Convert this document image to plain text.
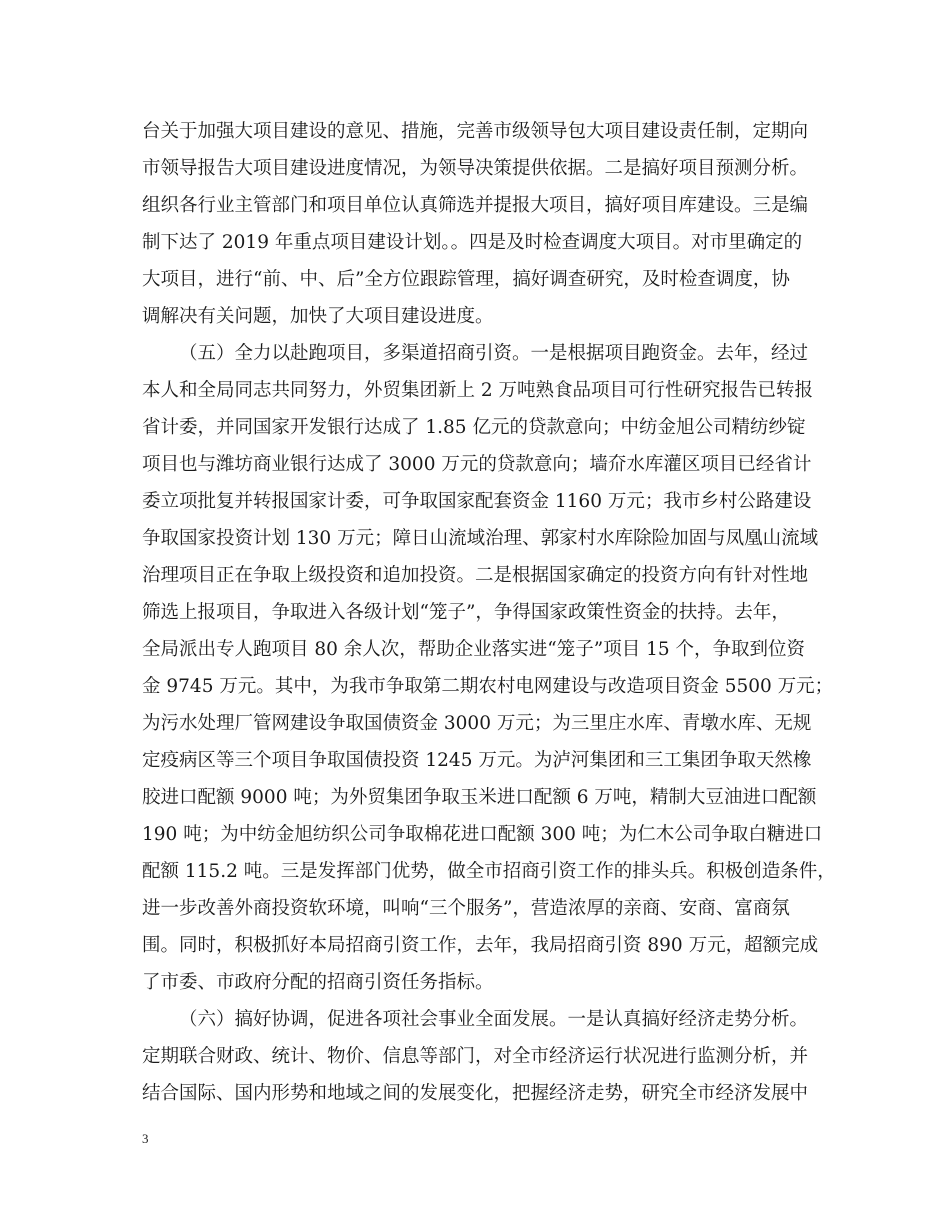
台关于加强大项目建设的意见、措施，完善市级领导包大项目建设责任制，定期向
市领导报告大项目建设进度情况，为领导决策提供依据。二是搞好项目预测分析。
组织各行业主管部门和项目单位认真筛选并提报大项目，搞好项目库建设。三是编
制下达了 2019 年重点项目建设计划。。四是及时检查调度大项目。对市里确定的
大项目，进行“前、中、后”全方位跟踪管理，搞好调查研究，及时检查调度，协
调解决有关问题，加快了大项目建设进度。
（五）全力以赴跑项目，多渠道招商引资。一是根据项目跑资金。去年，经过
本人和全局同志共同努力，外贸集团新上 2 万吨熟食品项目可行性研究报告已转报
省计委，并同国家开发银行达成了 1.85 亿元的贷款意向；中纺金旭公司精纺纱锭
项目也与潍坊商业银行达成了 3000 万元的贷款意向；墙夼水库灌区项目已经省计
委立项批复并转报国家计委，可争取国家配套资金 1160 万元；我市乡村公路建设
争取国家投资计划 130 万元；障日山流域治理、郭家村水库除险加固与凤凰山流域
治理项目正在争取上级投资和追加投资。二是根据国家确定的投资方向有针对性地
筛选上报项目，争取进入各级计划“笼子”，争得国家政策性资金的扶持。去年，
全局派出专人跑项目 80 余人次，帮助企业落实进“笼子”项目 15 个，争取到位资
金 9745 万元。其中，为我市争取第二期农村电网建设与改造项目资金 5500 万元；
为污水处理厂管网建设争取国债资金 3000 万元；为三里庄水库、青墩水库、无规
定疫病区等三个项目争取国债投资 1245 万元。为泸河集团和三工集团争取天然橡
胶进口配额 9000 吨；为外贸集团争取玉米进口配额 6 万吨，精制大豆油进口配额
190 吨；为中纺金旭纺织公司争取棉花进口配额 300 吨；为仁木公司争取白糖进口
配额 115.2 吨。三是发挥部门优势，做全市招商引资工作的排头兵。积极创造条件，
进一步改善外商投资软环境，叫响“三个服务”，营造浓厚的亲商、安商、富商氛
围。同时，积极抓好本局招商引资工作，去年，我局招商引资 890 万元，超额完成
了市委、市政府分配的招商引资任务指标。
（六）搞好协调，促进各项社会事业全面发展。一是认真搞好经济走势分析。
定期联合财政、统计、物价、信息等部门，对全市经济运行状况进行监测分析，并
结合国际、国内形势和地域之间的发展变化，把握经济走势，研究全市经济发展中
3
